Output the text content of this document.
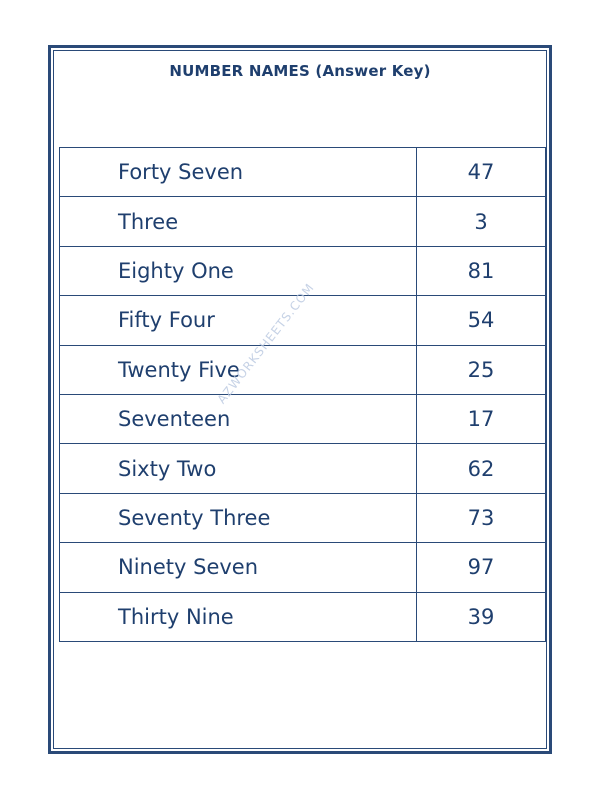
NUMBER NAMES (Answer Key)
Forty Seven	47
Three	3
Eighty One	81
Fifty Four	54
Twenty Five	25
Seventeen	17
Sixty Two	62
Seventy Three	73
Ninety Seven	97
Thirty Nine	39
AZWORKSHEETS.COM
